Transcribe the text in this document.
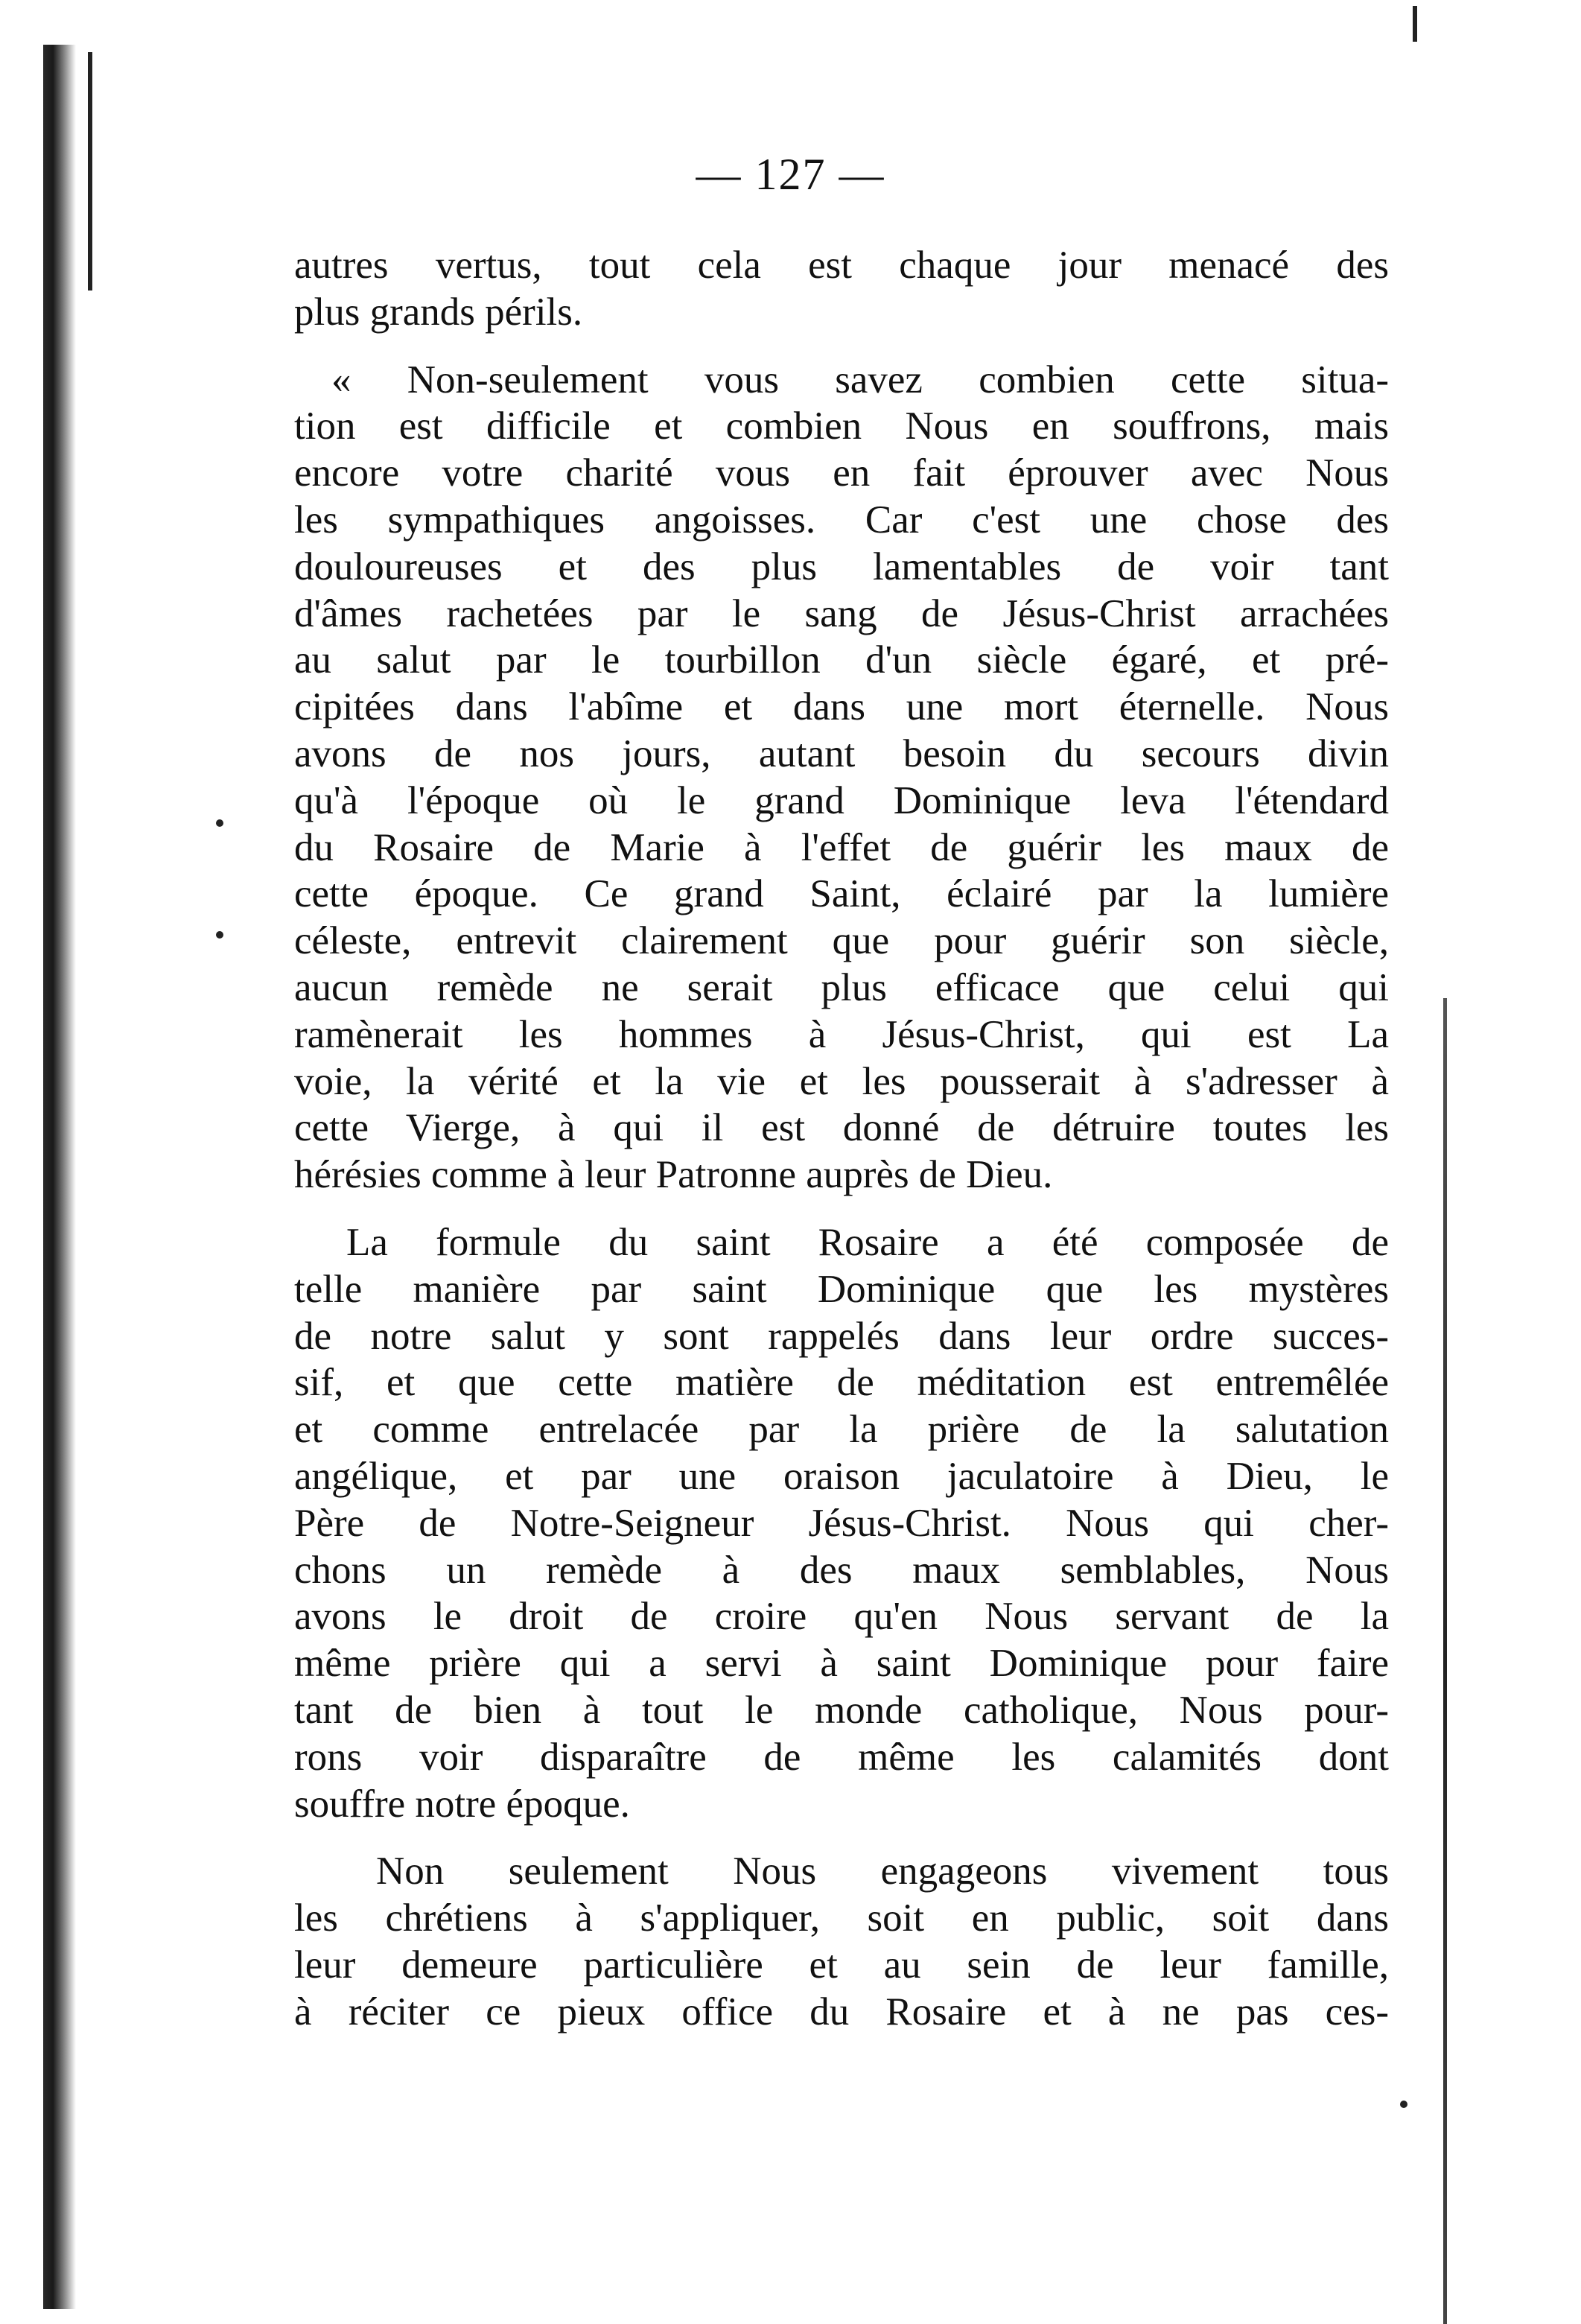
— 127 —
autres vertus, tout cela est chaque jour menacé des
plus grands périls.
« Non-seulement vous savez combien cette situa-
tion est difficile et combien Nous en souffrons, mais
encore votre charité vous en fait éprouver avec Nous
les sympathiques angoisses. Car c'est une chose des
douloureuses et des plus lamentables de voir tant
d'âmes rachetées par le sang de Jésus-Christ arrachées
au salut par le tourbillon d'un siècle égaré, et pré-
cipitées dans l'abîme et dans une mort éternelle. Nous
avons de nos jours, autant besoin du secours divin
qu'à l'époque où le grand Dominique leva l'étendard
du Rosaire de Marie à l'effet de guérir les maux de
cette époque. Ce grand Saint, éclairé par la lumière
céleste, entrevit clairement que pour guérir son siècle,
aucun remède ne serait plus efficace que celui qui
ramènerait les hommes à Jésus-Christ, qui est La
voie, la vérité et la vie et les pousserait à s'adresser à
cette Vierge, à qui il est donné de détruire toutes les
hérésies comme à leur Patronne auprès de Dieu.
La formule du saint Rosaire a été composée de
telle manière par saint Dominique que les mystères
de notre salut y sont rappelés dans leur ordre succes-
sif, et que cette matière de méditation est entremêlée
et comme entrelacée par la prière de la salutation
angélique, et par une oraison jaculatoire à Dieu, le
Père de Notre-Seigneur Jésus-Christ. Nous qui cher-
chons un remède à des maux semblables, Nous
avons le droit de croire qu'en Nous servant de la
même prière qui a servi à saint Dominique pour faire
tant de bien à tout le monde catholique, Nous pour-
rons voir disparaître de même les calamités dont
souffre notre époque.
Non seulement Nous engageons vivement tous
les chrétiens à s'appliquer, soit en public, soit dans
leur demeure particulière et au sein de leur famille,
à réciter ce pieux office du Rosaire et à ne pas ces-
